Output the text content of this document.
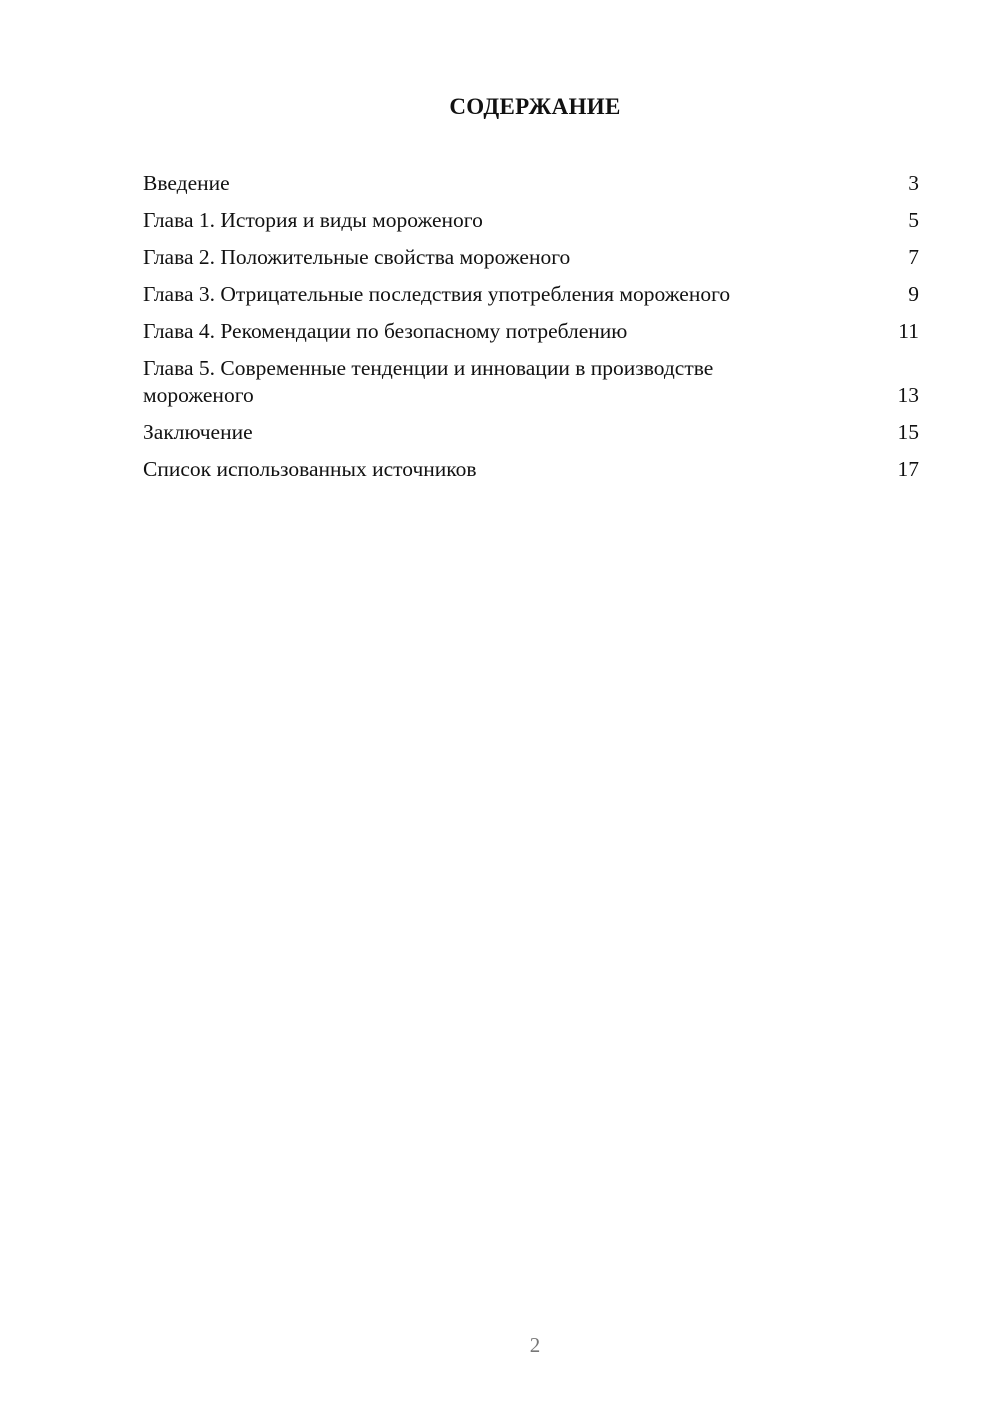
СОДЕРЖАНИЕ
Введение	3
Глава 1. История и виды мороженого	5
Глава 2. Положительные свойства мороженого	7
Глава 3. Отрицательные последствия употребления мороженого	9
Глава 4. Рекомендации по безопасному потреблению	11
Глава 5. Современные тенденции и инновации в производстве мороженого	13
Заключение	15
Список использованных источников	17
2
